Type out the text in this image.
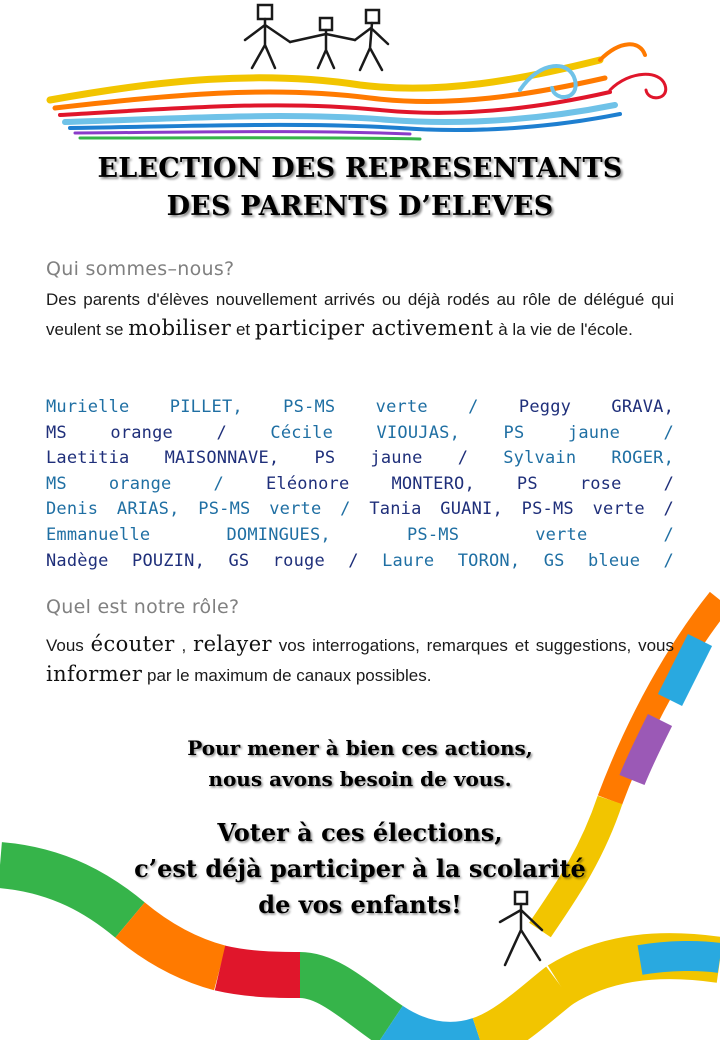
ELECTION DES REPRESENTANTS
DES PARENTS D’ELEVES
Qui sommes–nous?
Des parents d'élèves nouvellement arrivés ou déjà rodés au rôle de délégué qui veulent se mobiliser et participer activement à la vie de l'école.
Murielle PILLET, PS-MS verte / Peggy GRAVA,
MS orange / Cécile VIOUJAS, PS jaune /
Laetitia MAISONNAVE, PS jaune / Sylvain ROGER,
MS orange / Eléonore MONTERO, PS rose /
Denis ARIAS, PS-MS verte / Tania GUANI, PS-MS verte /
Emmanuelle DOMINGUES, PS-MS verte /
Nadège POUZIN, GS rouge / Laure TORON, GS bleue /
Quel est notre rôle?
Vous écouter , relayer vos interrogations, remarques et suggestions, vous informer par le maximum de canaux possibles.
Pour mener à bien ces actions,
nous avons besoin de vous.
Voter à ces élections,
c’est déjà participer à la scolarité
de vos enfants!
